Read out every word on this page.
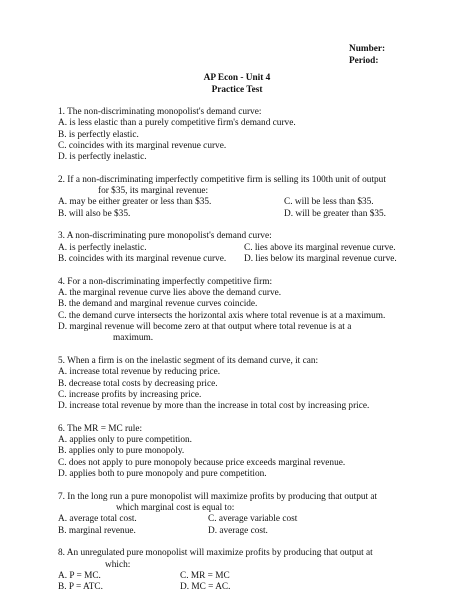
Number:
Period:
AP Econ - Unit 4
Practice Test
1. The non-discriminating monopolist's demand curve:
A. is less elastic than a purely competitive firm's demand curve.
B. is perfectly elastic.
C. coincides with its marginal revenue curve.
D. is perfectly inelastic.
2. If a non-discriminating imperfectly competitive firm is selling its 100th unit of output
for $35, its marginal revenue:
A. may be either greater or less than $35.	C. will be less than $35.
B. will also be $35.	D. will be greater than $35.
3. A non-discriminating pure monopolist's demand curve:
A. is perfectly inelastic.	C. lies above its marginal revenue curve.
B. coincides with its marginal revenue curve.	D. lies below its marginal revenue curve.
4. For a non-discriminating imperfectly competitive firm:
A. the marginal revenue curve lies above the demand curve.
B. the demand and marginal revenue curves coincide.
C. the demand curve intersects the horizontal axis where total revenue is at a maximum.
D. marginal revenue will become zero at that output where total revenue is at a
maximum.
5. When a firm is on the inelastic segment of its demand curve, it can:
A. increase total revenue by reducing price.
B. decrease total costs by decreasing price.
C. increase profits by increasing price.
D. increase total revenue by more than the increase in total cost by increasing price.
6. The MR = MC rule:
A. applies only to pure competition.
B. applies only to pure monopoly.
C. does not apply to pure monopoly because price exceeds marginal revenue.
D. applies both to pure monopoly and pure competition.
7. In the long run a pure monopolist will maximize profits by producing that output at
which marginal cost is equal to:
A. average total cost.	C. average variable cost
B. marginal revenue.	D. average cost.
8. An unregulated pure monopolist will maximize profits by producing that output at
which:
A. P = MC.	C. MR = MC
B. P = ATC.	D. MC = AC.
